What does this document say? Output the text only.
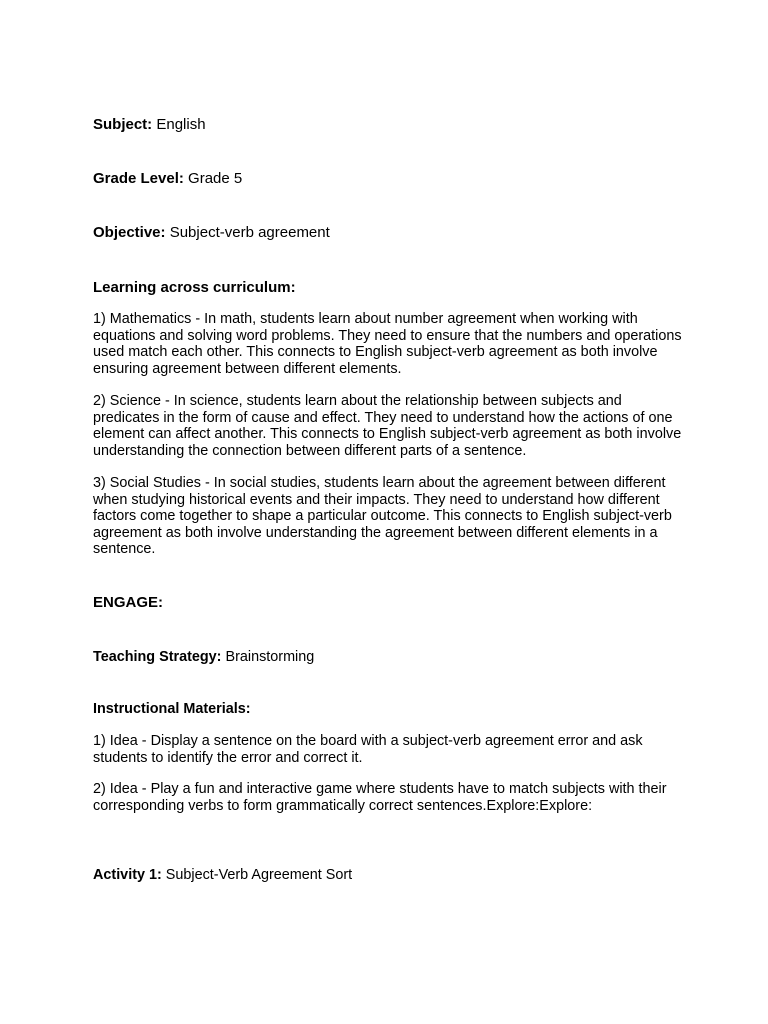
Subject: English

Grade Level: Grade 5

Objective: Subject-verb agreement

Learning across curriculum:

1) Mathematics - In math, students learn about number agreement when working with equations and solving word problems. They need to ensure that the numbers and operations used match each other. This connects to English subject-verb agreement as both involve ensuring agreement between different elements.

2) Science - In science, students learn about the relationship between subjects and predicates in the form of cause and effect. They need to understand how the actions of one element can affect another. This connects to English subject-verb agreement as both involve understanding the connection between different parts of a sentence.

3) Social Studies - In social studies, students learn about the agreement between different when studying historical events and their impacts. They need to understand how different factors come together to shape a particular outcome. This connects to English subject-verb agreement as both involve understanding the agreement between different elements in a sentence.

ENGAGE:

Teaching Strategy: Brainstorming

Instructional Materials:

1) Idea - Display a sentence on the board with a subject-verb agreement error and ask students to identify the error and correct it.

2) Idea - Play a fun and interactive game where students have to match subjects with their corresponding verbs to form grammatically correct sentences.Explore:Explore:

Activity 1: Subject-Verb Agreement Sort
